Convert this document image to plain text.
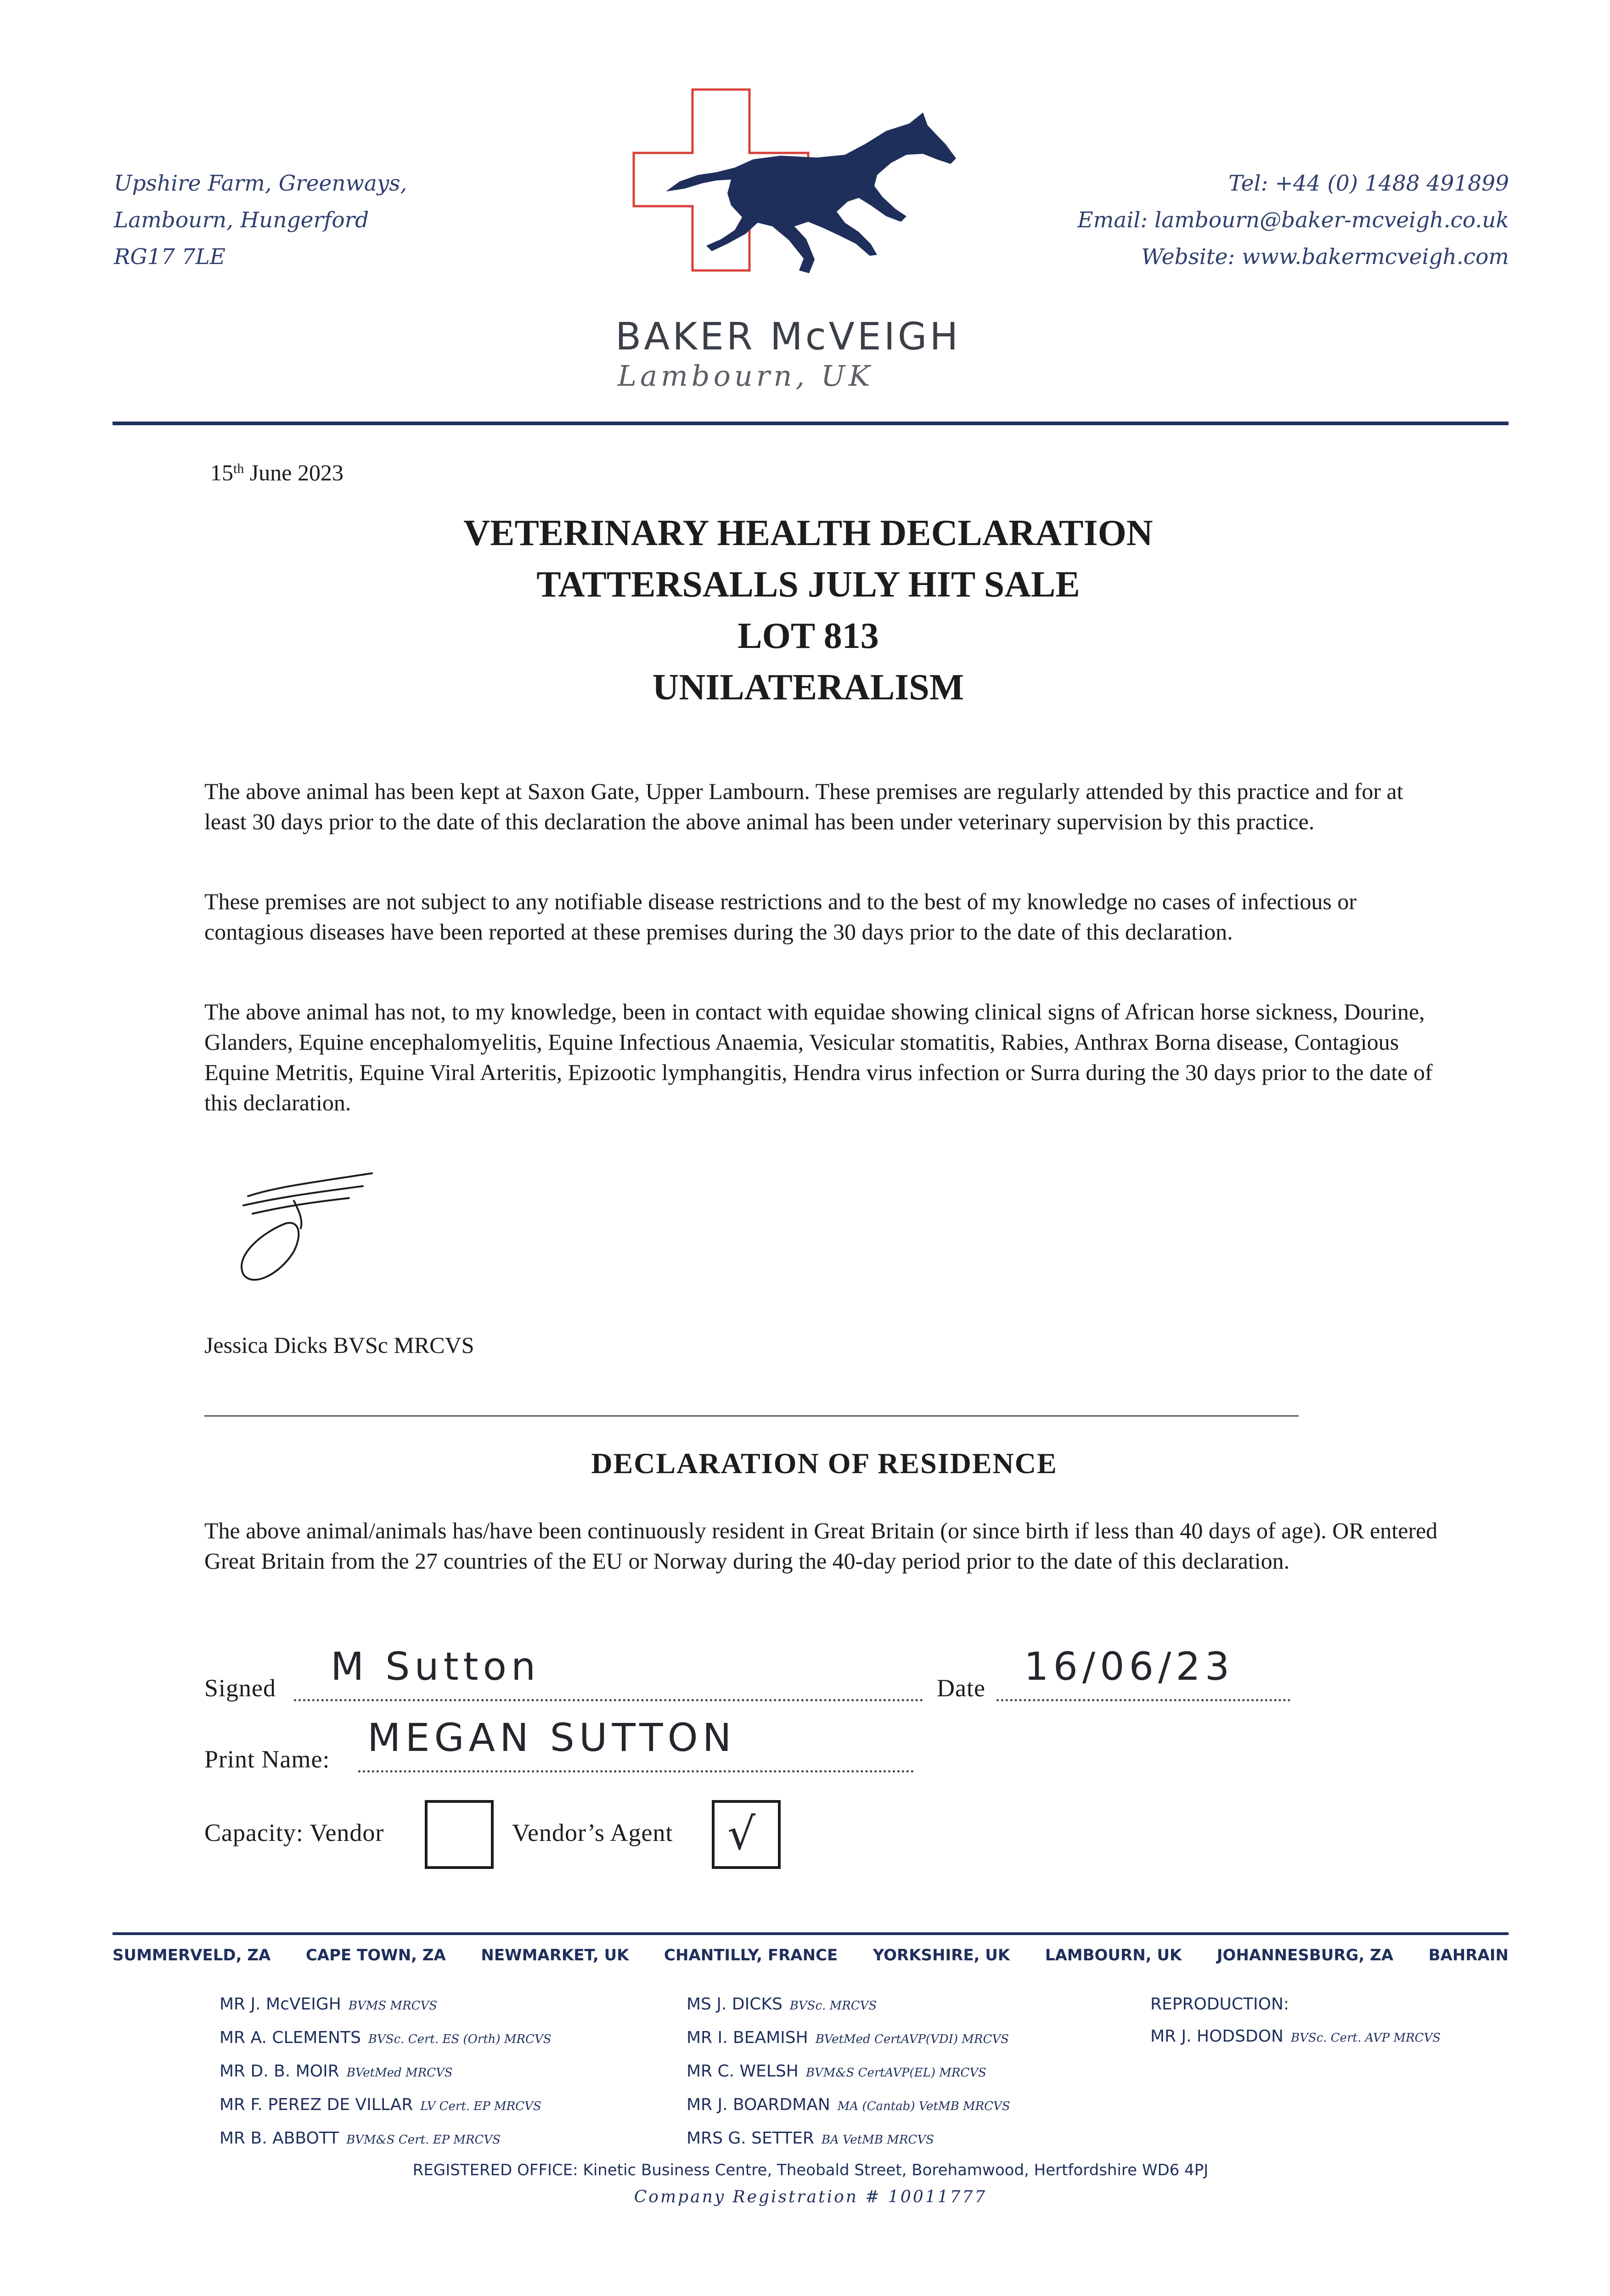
Upshire Farm, Greenways,
Lambourn, Hungerford
RG17 7LE
BAKER McVEIGH
Lambourn, UK
Tel: +44 (0) 1488 491899
Email: lambourn@baker-mcveigh.co.uk
Website: www.bakermcveigh.com
15th June 2023
VETERINARY HEALTH DECLARATION
TATTERSALLS JULY HIT SALE
LOT 813
UNILATERALISM

The above animal has been kept at Saxon Gate, Upper Lambourn. These premises are regularly attended by this practice and for at least 30 days prior to the date of this declaration the above animal has been under veterinary supervision by this practice.

These premises are not subject to any notifiable disease restrictions and to the best of my knowledge no cases of infectious or contagious diseases have been reported at these premises during the 30 days prior to the date of this declaration.

The above animal has not, to my knowledge, been in contact with equidae showing clinical signs of African horse sickness, Dourine, Glanders, Equine encephalomyelitis, Equine Infectious Anaemia, Vesicular stomatitis, Rabies, Anthrax Borna disease, Contagious Equine Metritis, Equine Viral Arteritis, Epizootic lymphangitis, Hendra virus infection or Surra during the 30 days prior to the date of this declaration.

Jessica Dicks BVSc MRCVS
DECLARATION OF RESIDENCE

The above animal/animals has/have been continuously resident in Great Britain (or since birth if less than 40 days of age). OR entered Great Britain from the 27 countries of the EU or Norway during the 40-day period prior to the date of this declaration.

Signed M Sutton	Date 16/06/23
Print Name: MEGAN SUTTON
Capacity: Vendor	Vendor’s Agent √
SUMMERVELD, ZA CAPE TOWN, ZA NEWMARKET, UK CHANTILLY, FRANCE YORKSHIRE, UK LAMBOURN, UK JOHANNESBURG, ZA BAHRAIN
MR J. McVEIGH BVMS MRCVS
MR A. CLEMENTS BVSc. Cert. ES (Orth) MRCVS
MR D. B. MOIR BVetMed MRCVS
MR F. PEREZ DE VILLAR LV Cert. EP MRCVS
MR B. ABBOTT BVM&S Cert. EP MRCVS
MS J. DICKS BVSc. MRCVS
MR I. BEAMISH BVetMed CertAVP(VDI) MRCVS
MR C. WELSH BVM&S CertAVP(EL) MRCVS
MR J. BOARDMAN MA (Cantab) VetMB MRCVS
MRS G. SETTER BA VetMB MRCVS
REPRODUCTION:
MR J. HODSDON BVSc. Cert. AVP MRCVS
REGISTERED OFFICE: Kinetic Business Centre, Theobald Street, Borehamwood, Hertfordshire WD6 4PJ
Company Registration # 10011777
